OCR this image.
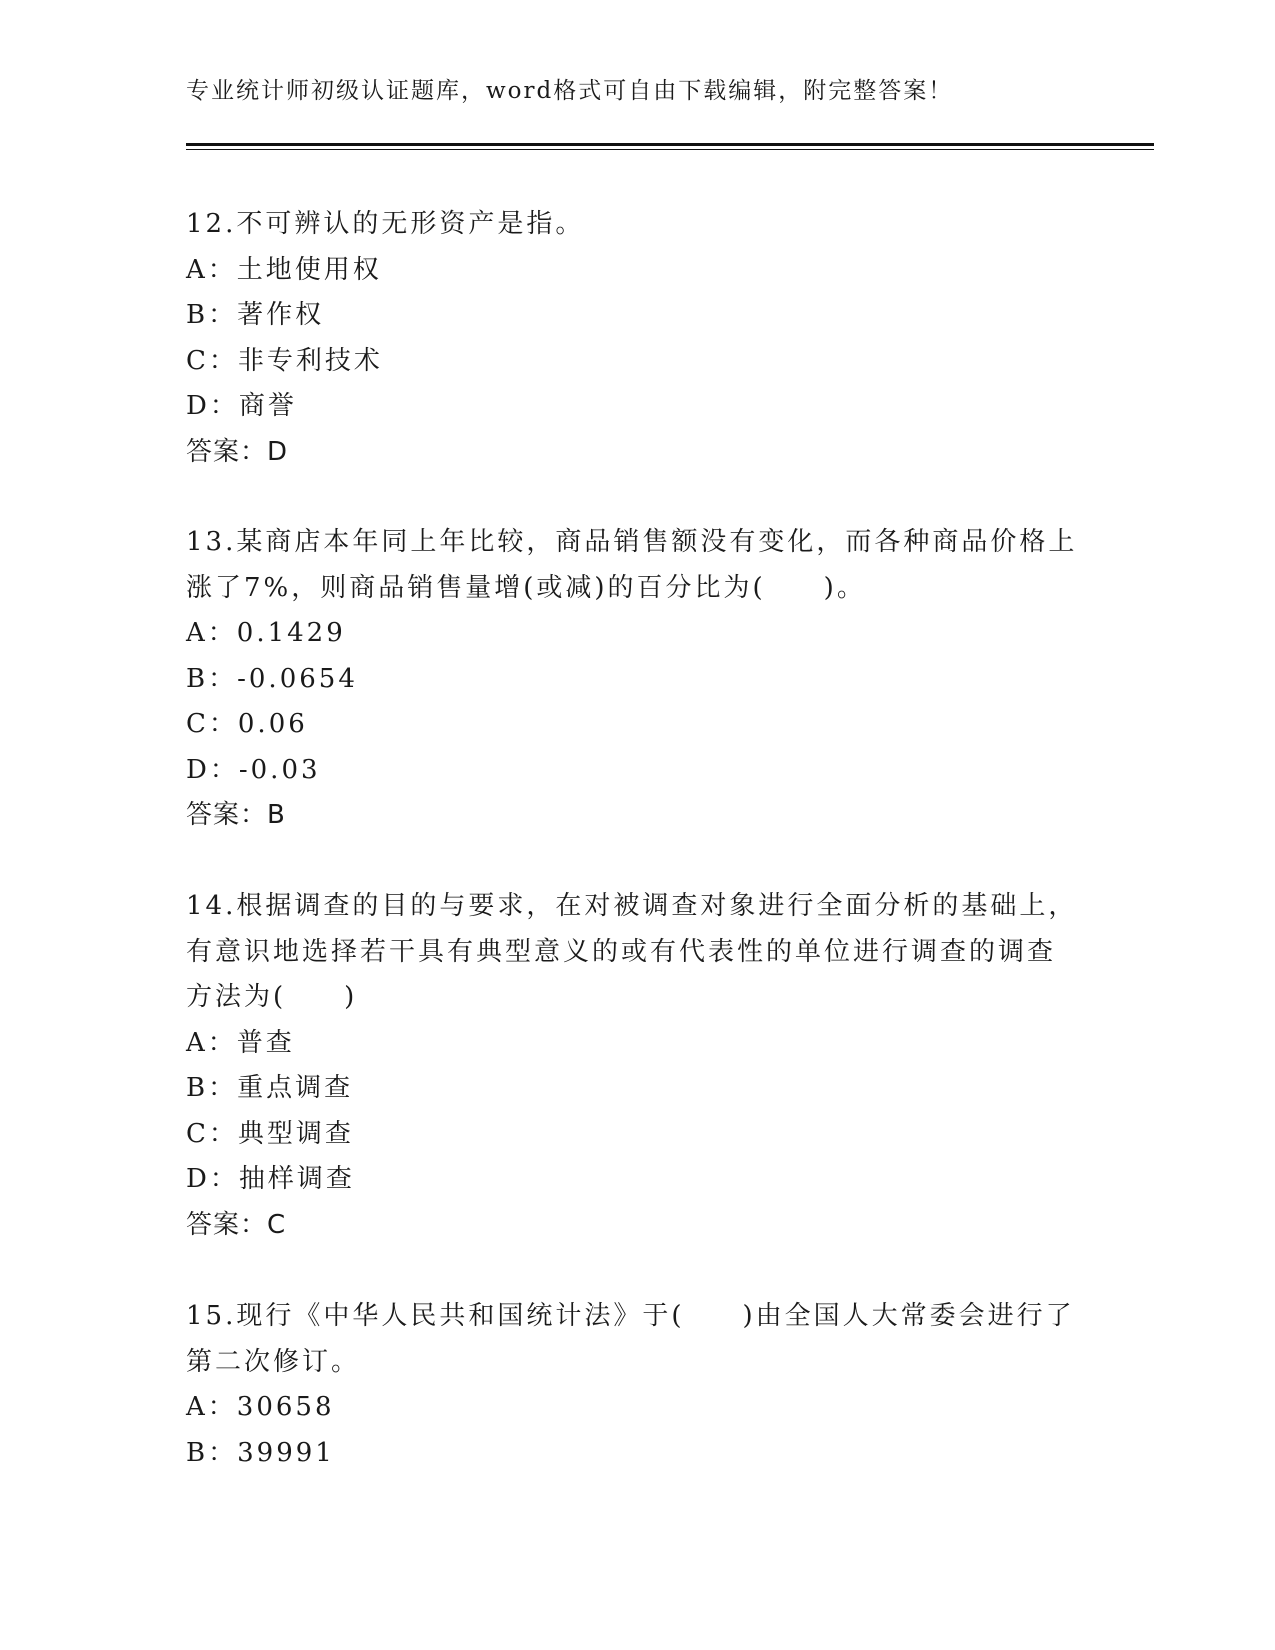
专业统计师初级认证题库，word格式可自由下载编辑，附完整答案！
12.不可辨认的无形资产是指。
A：土地使用权
B：著作权
C：非专利技术
D：商誉
答案：D
13.某商店本年同上年比较，商品销售额没有变化，而各种商品价格上
涨了7%，则商品销售量增(或减)的百分比为(　　)。
A：0.1429
B：-0.0654
C：0.06
D：-0.03
答案：B
14.根据调查的目的与要求，在对被调查对象进行全面分析的基础上，
有意识地选择若干具有典型意义的或有代表性的单位进行调查的调查
方法为(　　)
A：普查
B：重点调查
C：典型调查
D：抽样调查
答案：C
15.现行《中华人民共和国统计法》于(　　)由全国人大常委会进行了
第二次修订。
A：30658
B：39991
